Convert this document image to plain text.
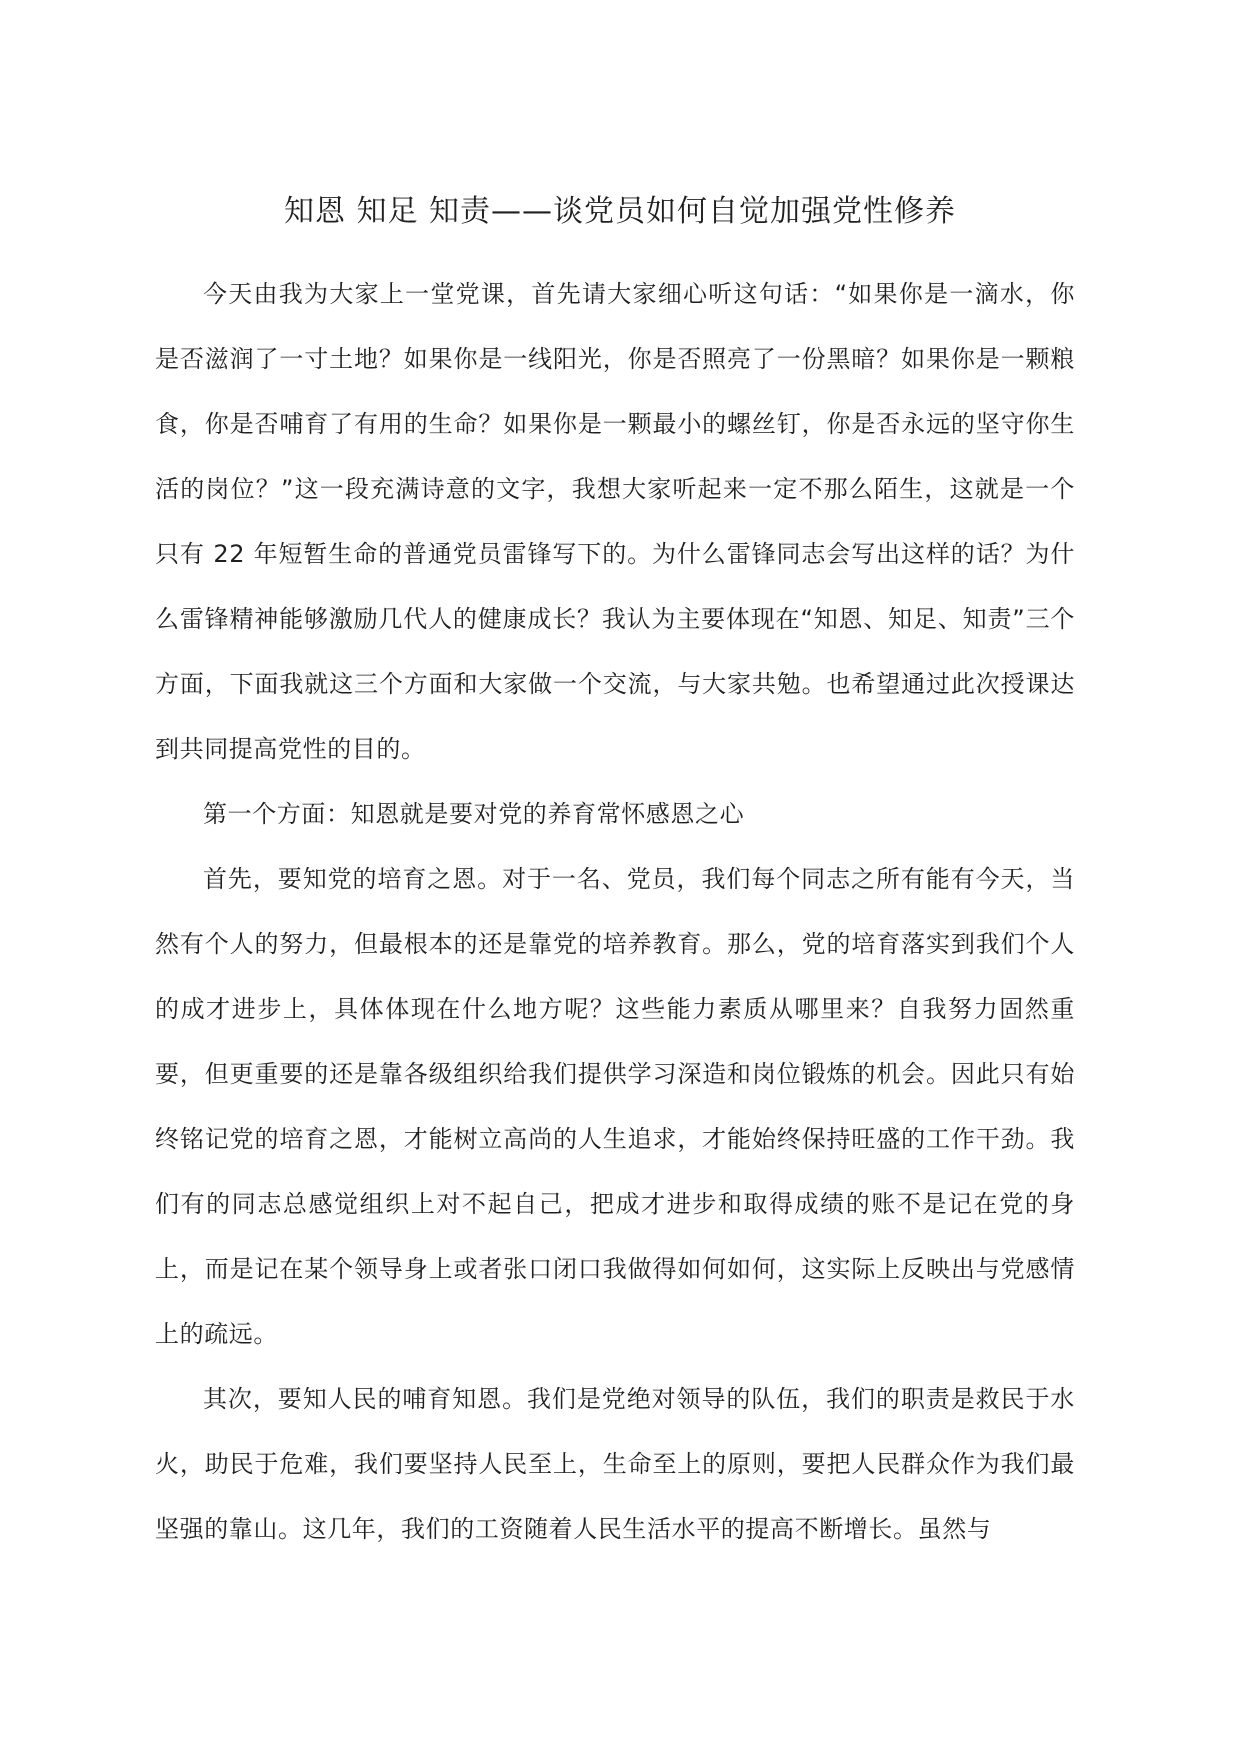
知恩 知足 知责——谈党员如何自觉加强党性修养

今天由我为大家上一堂党课，首先请大家细心听这句话：“如果你是一滴水，你是否滋润了一寸土地？如果你是一线阳光，你是否照亮了一份黑暗？如果你是一颗粮食，你是否哺育了有用的生命？如果你是一颗最小的螺丝钉，你是否永远的坚守你生活的岗位？”这一段充满诗意的文字，我想大家听起来一定不那么陌生，这就是一个只有 22 年短暂生命的普通党员雷锋写下的。为什么雷锋同志会写出这样的话？为什么雷锋精神能够激励几代人的健康成长？我认为主要体现在“知恩、知足、知责”三个方面，下面我就这三个方面和大家做一个交流，与大家共勉。也希望通过此次授课达到共同提高党性的目的。

第一个方面：知恩就是要对党的养育常怀感恩之心

首先，要知党的培育之恩。对于一名、党员，我们每个同志之所有能有今天，当然有个人的努力，但最根本的还是靠党的培养教育。那么，党的培育落实到我们个人的成才进步上，具体体现在什么地方呢？这些能力素质从哪里来？自我努力固然重要，但更重要的还是靠各级组织给我们提供学习深造和岗位锻炼的机会。因此只有始终铭记党的培育之恩，才能树立高尚的人生追求，才能始终保持旺盛的工作干劲。我们有的同志总感觉组织上对不起自己，把成才进步和取得成绩的账不是记在党的身上，而是记在某个领导身上或者张口闭口我做得如何如何，这实际上反映出与党感情上的疏远。

其次，要知人民的哺育知恩。我们是党绝对领导的队伍，我们的职责是救民于水火，助民于危难，我们要坚持人民至上，生命至上的原则，要把人民群众作为我们最坚强的靠山。这几年，我们的工资随着人民生活水平的提高不断增长。虽然与
